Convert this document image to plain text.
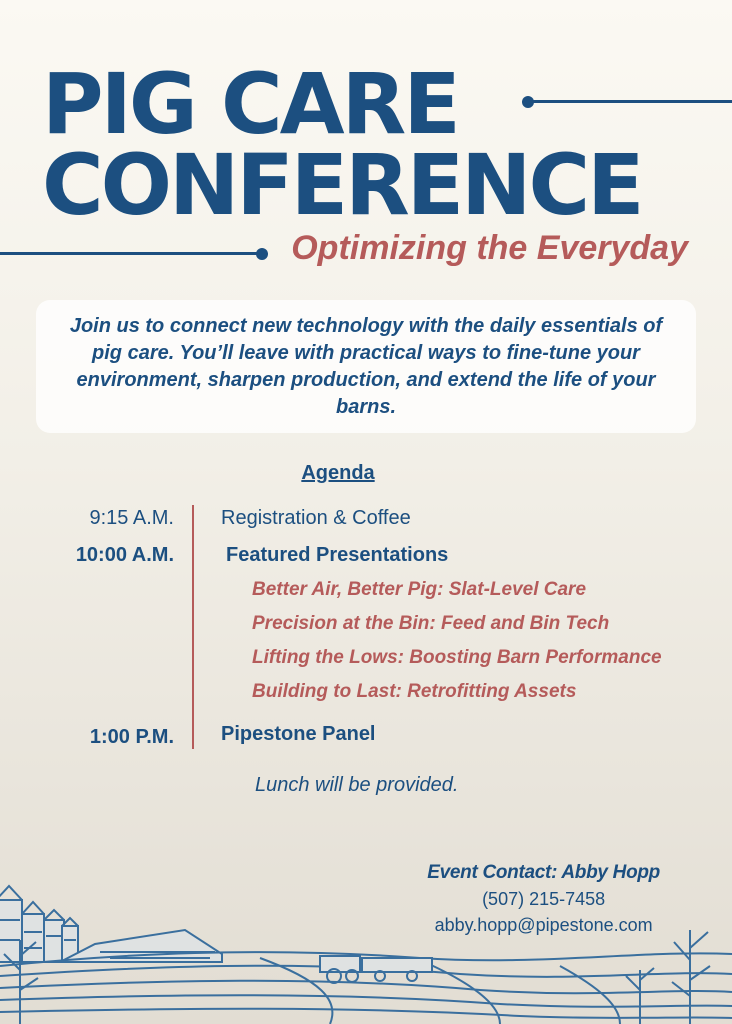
PIG CARE
CONFERENCE
Optimizing the Everyday

Join us to connect new technology with the daily essentials of pig care. You’ll leave with practical ways to fine-tune your environment, sharpen production, and extend the life of your barns.

Agenda
9:15 A.M. Registration & Coffee
10:00 A.M.	Featured Presentations
Better Air, Better Pig: Slat-Level Care
Precision at the Bin: Feed and Bin Tech
Lifting the Lows: Boosting Barn Performance
Building to Last: Retrofitting Assets
1:00 P.M. Pipestone Panel

Lunch will be provided.

Event Contact: Abby Hopp
(507) 215-7458
abby.hopp@pipestone.com
